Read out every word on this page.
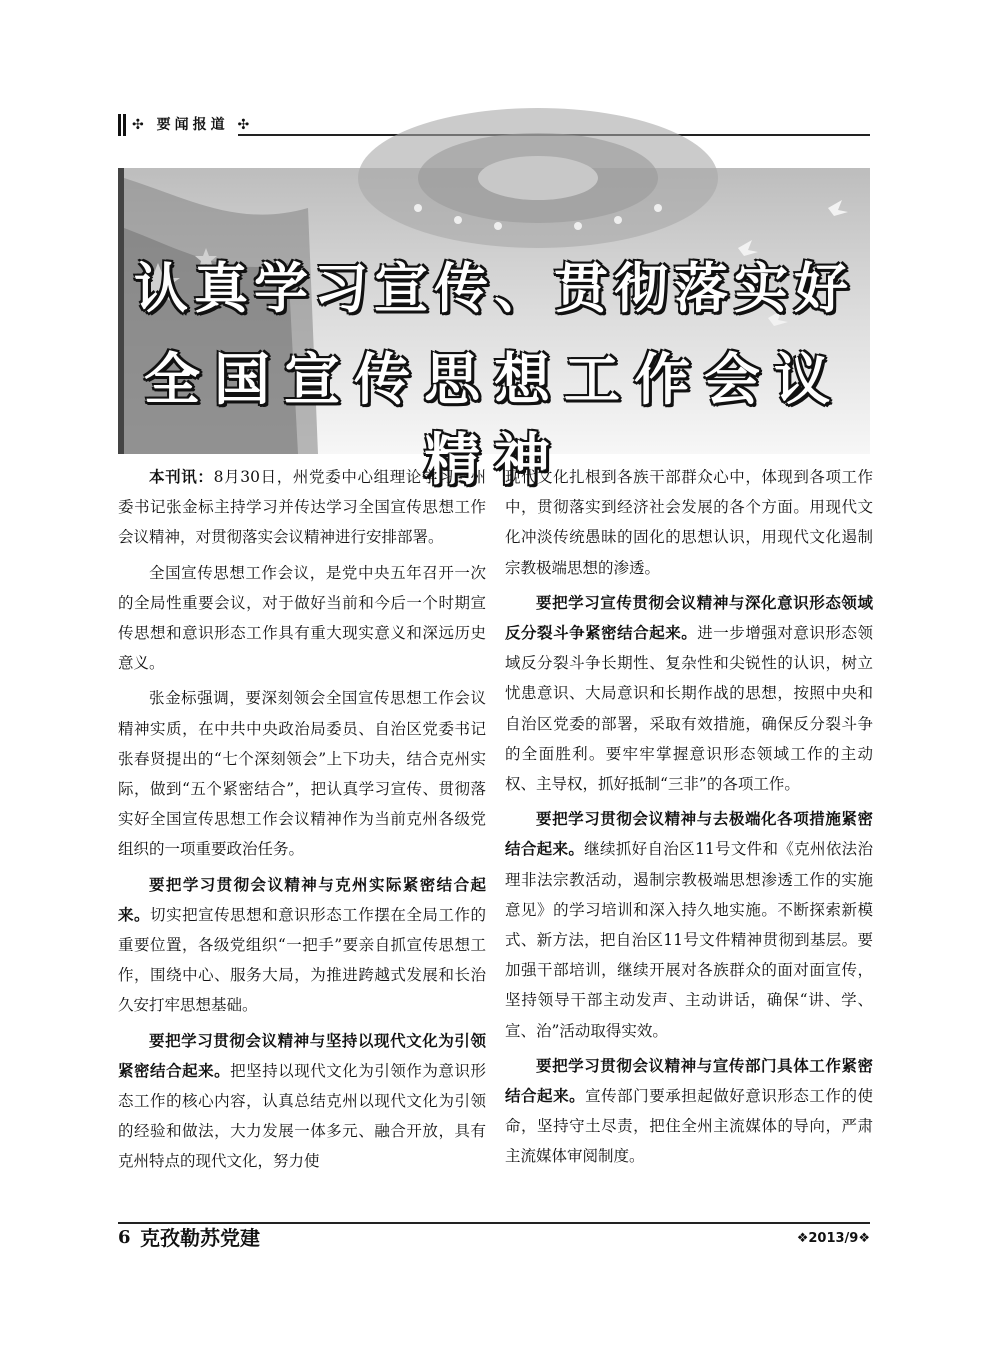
✣ 要闻报道 ✣
认真学习宣传、贯彻落实好
全国宣传思想工作会议精神

本刊讯：8月30日，州党委中心组理论学习，州委书记张金标主持学习并传达学习全国宣传思想工作会议精神，对贯彻落实会议精神进行安排部署。

全国宣传思想工作会议，是党中央五年召开一次的全局性重要会议，对于做好当前和今后一个时期宣传思想和意识形态工作具有重大现实意义和深远历史意义。

张金标强调，要深刻领会全国宣传思想工作会议精神实质，在中共中央政治局委员、自治区党委书记张春贤提出的“七个深刻领会”上下功夫，结合克州实际，做到“五个紧密结合”，把认真学习宣传、贯彻落实好全国宣传思想工作会议精神作为当前克州各级党组织的一项重要政治任务。

要把学习贯彻会议精神与克州实际紧密结合起来。切实把宣传思想和意识形态工作摆在全局工作的重要位置，各级党组织“一把手”要亲自抓宣传思想工作，围绕中心、服务大局，为推进跨越式发展和长治久安打牢思想基础。

要把学习贯彻会议精神与坚持以现代文化为引领紧密结合起来。把坚持以现代文化为引领作为意识形态工作的核心内容，认真总结克州以现代文化为引领的经验和做法，大力发展一体多元、融合开放，具有克州特点的现代文化，努力使

现代文化扎根到各族干部群众心中，体现到各项工作中，贯彻落实到经济社会发展的各个方面。用现代文化冲淡传统愚昧的固化的思想认识，用现代文化遏制宗教极端思想的渗透。

要把学习宣传贯彻会议精神与深化意识形态领域反分裂斗争紧密结合起来。进一步增强对意识形态领域反分裂斗争长期性、复杂性和尖锐性的认识，树立忧患意识、大局意识和长期作战的思想，按照中央和自治区党委的部署，采取有效措施，确保反分裂斗争的全面胜利。要牢牢掌握意识形态领域工作的主动权、主导权，抓好抵制“三非”的各项工作。

要把学习贯彻会议精神与去极端化各项措施紧密结合起来。继续抓好自治区11号文件和《克州依法治理非法宗教活动，遏制宗教极端思想渗透工作的实施意见》的学习培训和深入持久地实施。不断探索新模式、新方法，把自治区11号文件精神贯彻到基层。要加强干部培训，继续开展对各族群众的面对面宣传，坚持领导干部主动发声、主动讲话，确保“讲、学、宣、治”活动取得实效。

要把学习贯彻会议精神与宣传部门具体工作紧密结合起来。宣传部门要承担起做好意识形态工作的使命，坚持守土尽责，把住全州主流媒体的导向，严肃主流媒体审阅制度。

6 克孜勒苏党建	❖2013/9❖
